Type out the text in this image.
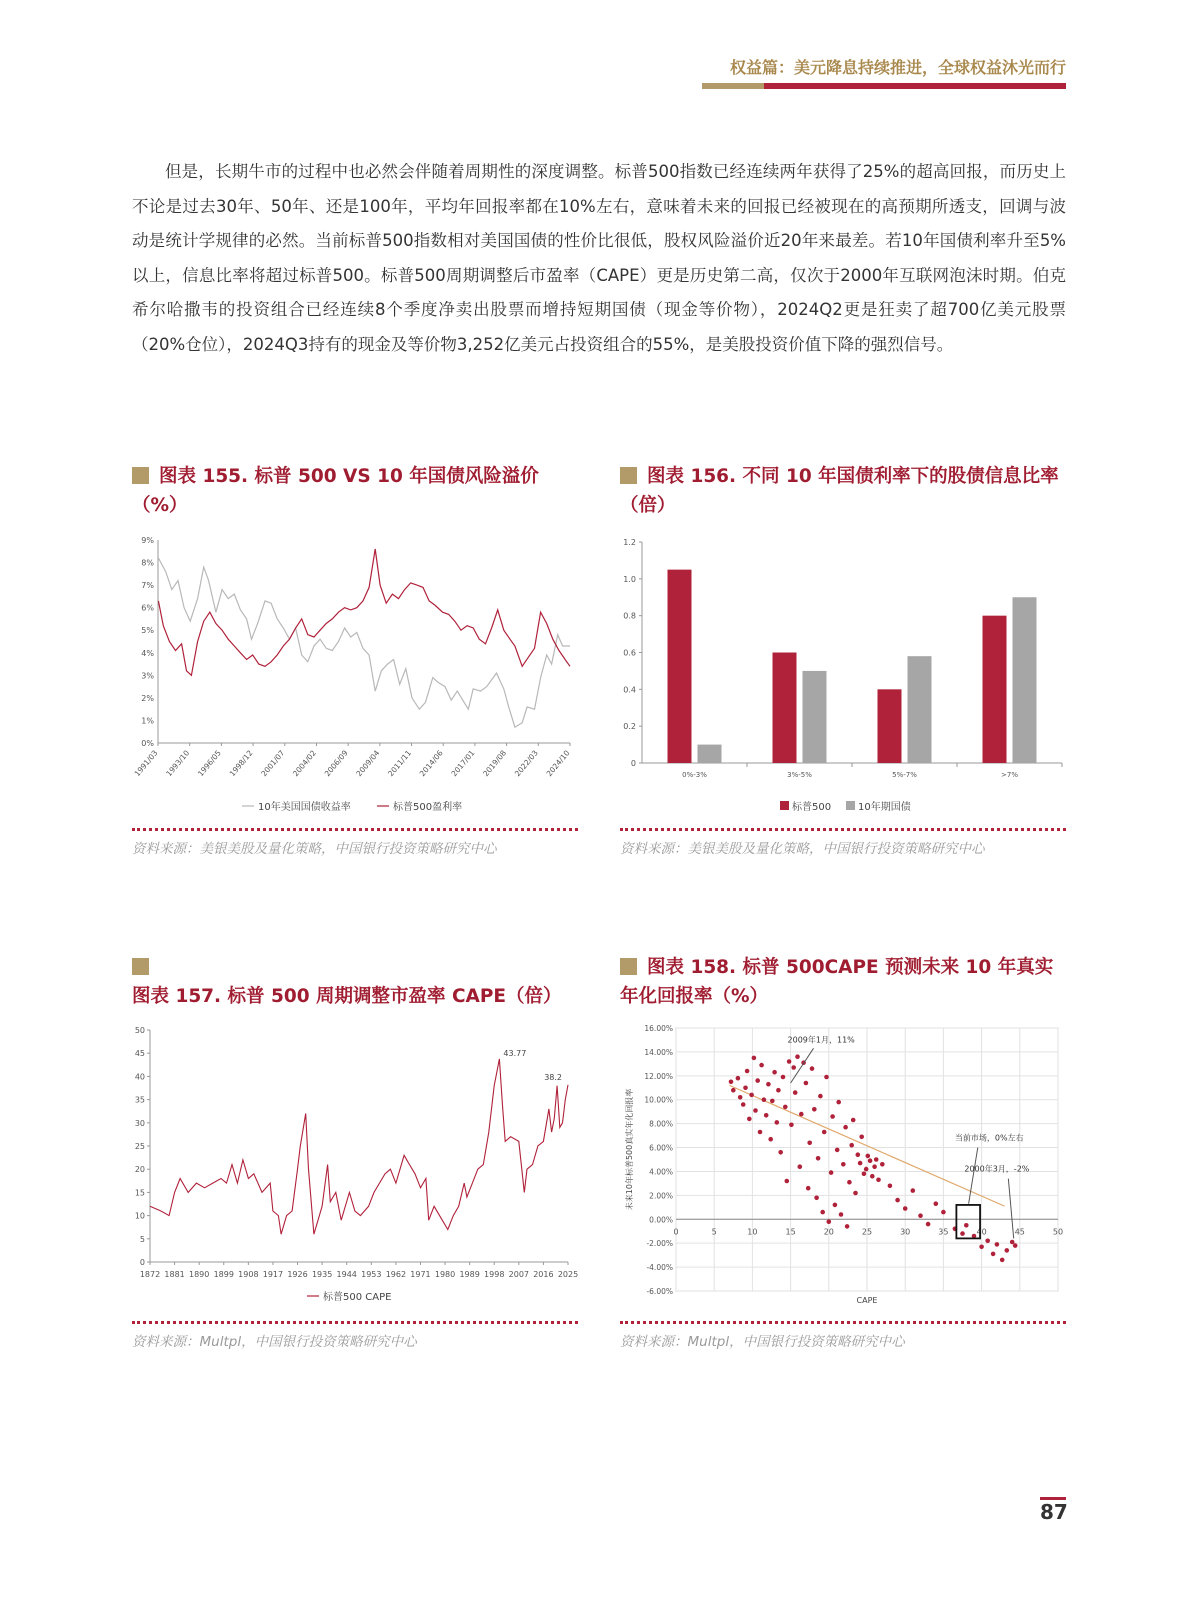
权益篇：美元降息持续推进，全球权益沐光而行
但是，长期牛市的过程中也必然会伴随着周期性的深度调整。标普500指数已经连续两年获得了25%的超高回报，而历史上不论是过去30年、50年、还是100年，平均年回报率都在10%左右，意味着未来的回报已经被现在的高预期所透支，回调与波动是统计学规律的必然。当前标普500指数相对美国国债的性价比很低，股权风险溢价近20年来最差。若10年国债利率升至5%以上，信息比率将超过标普500。标普500周期调整后市盈率（CAPE）更是历史第二高，仅次于2000年互联网泡沫时期。伯克希尔哈撒韦的投资组合已经连续8个季度净卖出股票而增持短期国债（现金等价物），2024Q2更是狂卖了超700亿美元股票（20%仓位），2024Q3持有的现金及等价物3,252亿美元占投资组合的55%，是美股投资价值下降的强烈信号。
图表 155. 标普 500 VS 10 年国债风险溢价（%）
0%
1%
2%
3%
4%
5%
6%
7%
8%
9%
1991/03 1993/10 1996/05 1998/12 2001/07 2004/02 2006/09 2009/04 2011/11 2014/06 2017/01 2019/08 2022/03 2024/10
10年美国国债收益率	标普500盈利率
资料来源：美银美股及量化策略，中国银行投资策略研究中心
图表 156. 不同 10 年国债利率下的股债信息比率（倍）
0
0.2
0.4
0.6
0.8
1.0
1.2
0%-3%	3%-5%	5%-7%	>7%
标普500	10年期国债
资料来源：美银美股及量化策略，中国银行投资策略研究中心
图表 157. 标普 500 周期调整市盈率 CAPE（倍）
0
5
10
15
20
25
30
35
40
45
50
1872 1881 1890 1899 1908 1917 1926 1935 1944 1953 1962 1971 1980 1989 1998 2007 2016 2025
43.77
38.2
标普500 CAPE
资料来源：Multpl，中国银行投资策略研究中心
图表 158. 标普 500CAPE 预测未来 10 年真实年化回报率（%）
0	5	10	15	20	25	30	35	40	45	50
-6.00%
-4.00%
-2.00%
0.00%
2.00%
4.00%
6.00%
8.00%
10.00%
12.00%
14.00%
16.00%
CAPE
未来10年标普500真实年化回报率
2009年1月，11%
当前市场，0%左右
2000年3月，-2%
资料来源：Multpl，中国银行投资策略研究中心
87
